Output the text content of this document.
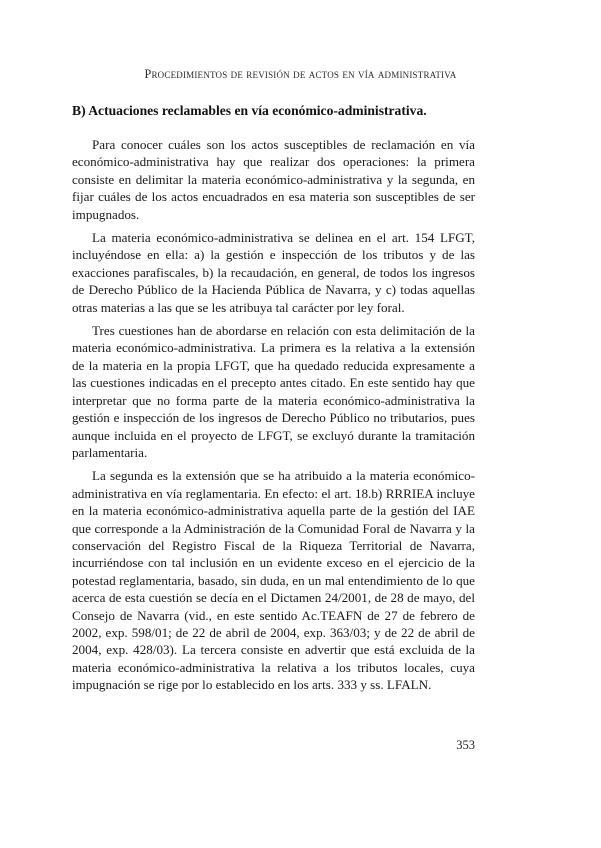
Procedimientos de revisión de actos en vía administrativa
B) Actuaciones reclamables en vía económico-administrativa.

Para conocer cuáles son los actos susceptibles de reclamación en vía económico-administrativa hay que realizar dos operaciones: la primera consiste en delimitar la materia económico-administrativa y la segunda, en fijar cuáles de los actos encuadrados en esa materia son susceptibles de ser impugnados.

La materia económico-administrativa se delinea en el art. 154 LFGT, incluyéndose en ella: a) la gestión e inspección de los tributos y de las exacciones parafiscales, b) la recaudación, en general, de todos los ingresos de Derecho Público de la Hacienda Pública de Navarra, y c) todas aquellas otras materias a las que se les atribuya tal carácter por ley foral.

Tres cuestiones han de abordarse en relación con esta delimitación de la materia económico-administrativa. La primera es la relativa a la extensión de la materia en la propia LFGT, que ha quedado reducida expresamente a las cuestiones indicadas en el precepto antes citado. En este sentido hay que interpretar que no forma parte de la materia económico-administrativa la gestión e inspección de los ingresos de Derecho Público no tributarios, pues aunque incluida en el proyecto de LFGT, se excluyó durante la tramitación parlamentaria.

La segunda es la extensión que se ha atribuido a la materia económico-administrativa en vía reglamentaria. En efecto: el art. 18.b) RRRIEA incluye en la materia económico-administrativa aquella parte de la gestión del IAE que corresponde a la Administración de la Comunidad Foral de Navarra y la conservación del Registro Fiscal de la Riqueza Territorial de Navarra, incurriéndose con tal inclusión en un evidente exceso en el ejercicio de la potestad reglamentaria, basado, sin duda, en un mal entendimiento de lo que acerca de esta cuestión se decía en el Dictamen 24/2001, de 28 de mayo, del Consejo de Navarra (vid., en este sentido Ac.TEAFN de 27 de febrero de 2002, exp. 598/01; de 22 de abril de 2004, exp. 363/03; y de 22 de abril de 2004, exp. 428/03). La tercera consiste en advertir que está excluida de la materia económico-administrativa la relativa a los tributos locales, cuya impugnación se rige por lo establecido en los arts. 333 y ss. LFALN.

353
